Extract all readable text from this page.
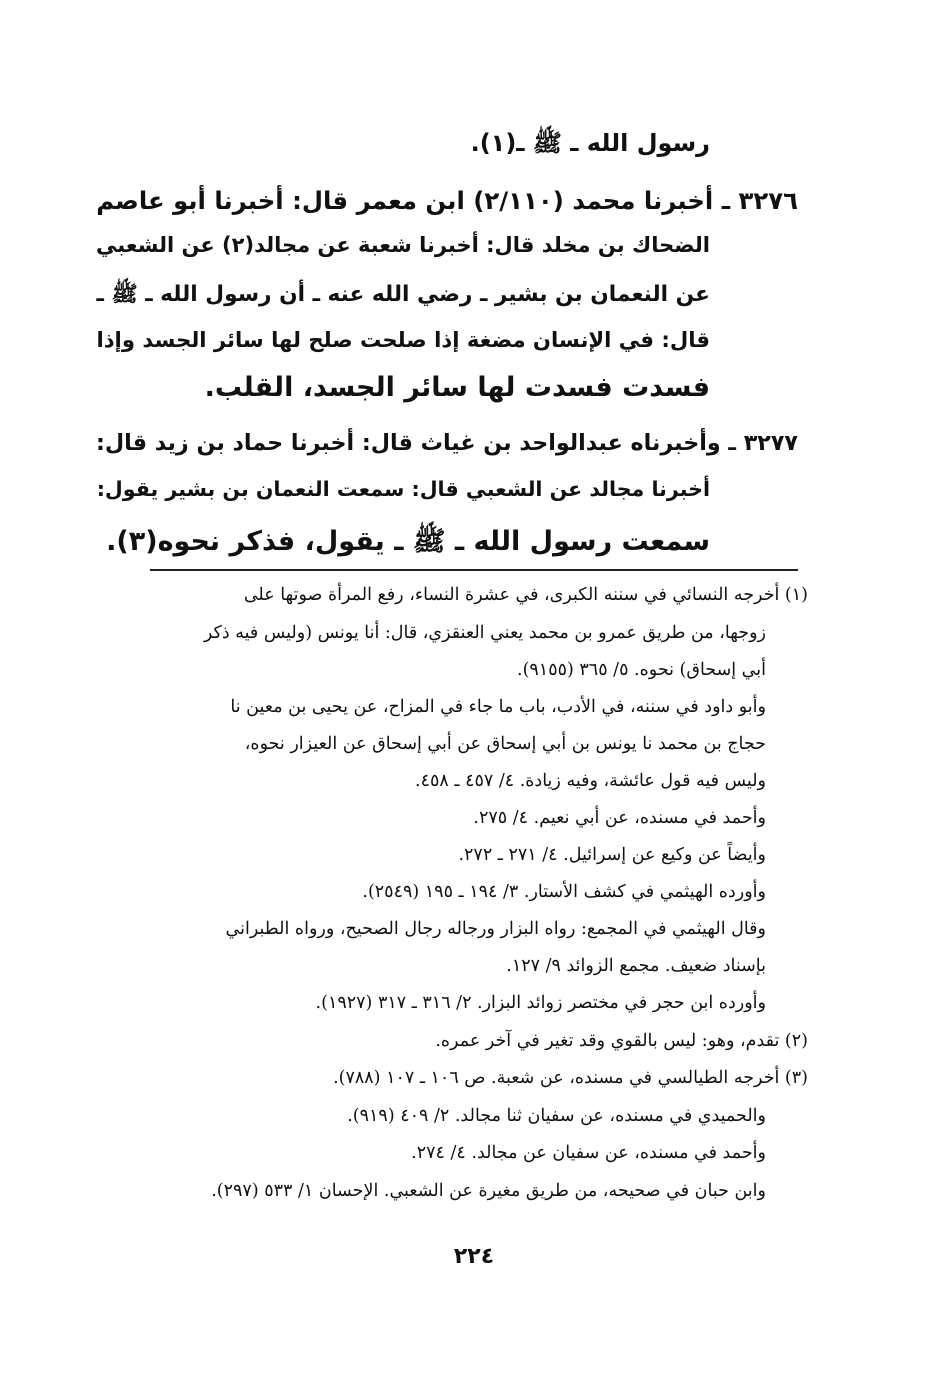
رسول الله ـ ﷺ ـ(١).
٣٢٧٦ ـ أخبرنا محمد (٢/١١٠) ابن معمر قال: أخبرنا أبو عاصم
الضحاك بن مخلد قال: أخبرنا شعبة عن مجالد(٢) عن الشعبي
عن النعمان بن بشير ـ رضي الله عنه ـ أن رسول الله ـ ﷺ ـ
قال: في الإنسان مضغة إذا صلحت صلح لها سائر الجسد وإذا
فسدت فسدت لها سائر الجسد، القلب.
٣٢٧٧ ـ وأخبرناه عبدالواحد بن غياث قال: أخبرنا حماد بن زيد قال:
أخبرنا مجالد عن الشعبي قال: سمعت النعمان بن بشير يقول:
سمعت رسول الله ـ ﷺ ـ يقول، فذكر نحوه(٣).
(١) أخرجه النسائي في سننه الكبرى، في عشرة النساء، رفع المرأة صوتها على
زوجها، من طريق عمرو بن محمد يعني العنقزي، قال: أنا يونس (وليس فيه ذكر
أبي إسحاق) نحوه. ٥/ ٣٦٥ (٩١٥٥).
وأبو داود في سننه، في الأدب، باب ما جاء في المزاح، عن يحيى بن معين نا
حجاج بن محمد نا يونس بن أبي إسحاق عن أبي إسحاق عن العيزار نحوه،
وليس فيه قول عائشة، وفيه زيادة. ٤/ ٤٥٧ ـ ٤٥٨.
وأحمد في مسنده، عن أبي نعيم. ٤/ ٢٧٥.
وأيضاً عن وكيع عن إسرائيل. ٤/ ٢٧١ ـ ٢٧٢.
وأورده الهيثمي في كشف الأستار. ٣/ ١٩٤ ـ ١٩٥ (٢٥٤٩).
وقال الهيثمي في المجمع: رواه البزار ورجاله رجال الصحيح، ورواه الطبراني
بإسناد ضعيف. مجمع الزوائد ٩/ ١٢٧.
وأورده ابن حجر في مختصر زوائد البزار. ٢/ ٣١٦ ـ ٣١٧ (١٩٢٧).
(٢) تقدم، وهو: ليس بالقوي وقد تغير في آخر عمره.
(٣) أخرجه الطيالسي في مسنده، عن شعبة. ص ١٠٦ ـ ١٠٧ (٧٨٨).
والحميدي في مسنده، عن سفيان ثنا مجالد. ٢/ ٤٠٩ (٩١٩).
وأحمد في مسنده، عن سفيان عن مجالد. ٤/ ٢٧٤.
وابن حبان في صحيحه، من طريق مغيرة عن الشعبي. الإحسان ١/ ٥٣٣ (٢٩٧).
٢٢٤
